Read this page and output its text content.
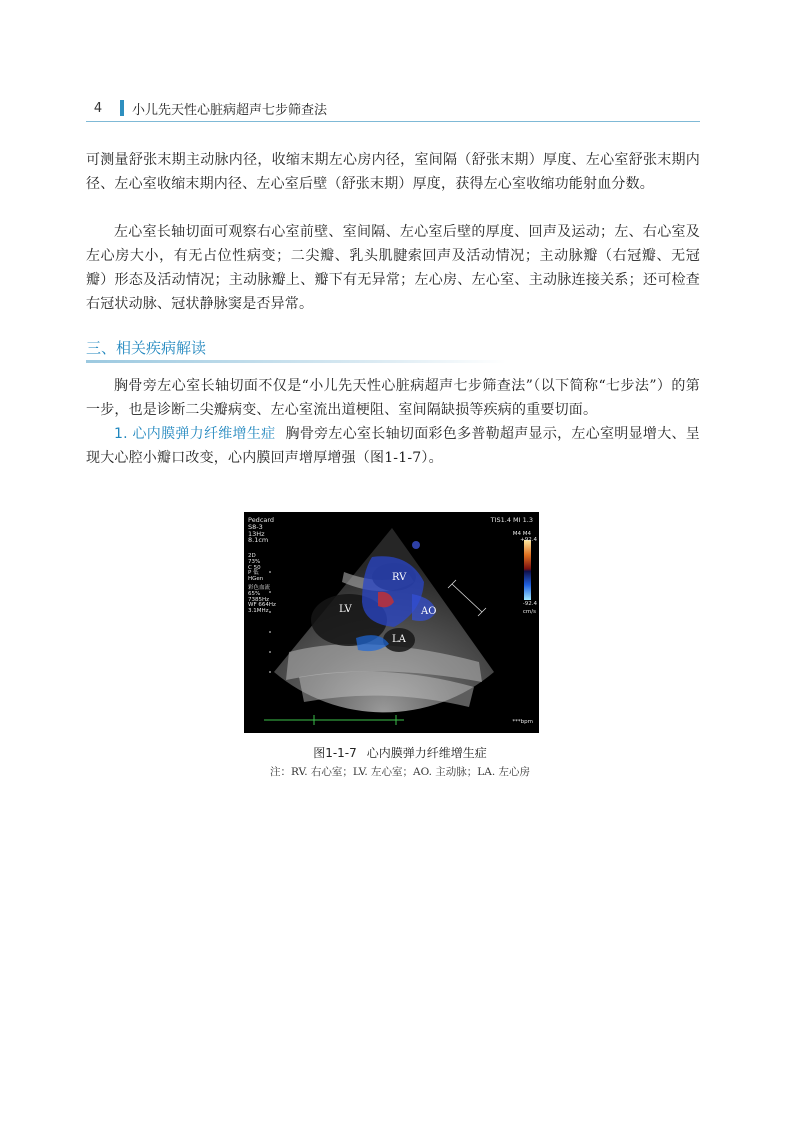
4	小儿先天性心脏病超声七步筛查法

可测量舒张末期主动脉内径，收缩末期左心房内径，室间隔（舒张末期）厚度、左心室舒张末期内径、左心室收缩末期内径、左心室后壁（舒张末期）厚度，获得左心室收缩功能射血分数。

左心室长轴切面可观察右心室前壁、室间隔、左心室后壁的厚度、回声及运动；左、右心室及左心房大小，有无占位性病变；二尖瓣、乳头肌腱索回声及活动情况；主动脉瓣（右冠瓣、无冠瓣）形态及活动情况；主动脉瓣上、瓣下有无异常；左心房、左心室、主动脉连接关系；还可检查右冠状动脉、冠状静脉窦是否异常。

三、相关疾病解读

胸骨旁左心室长轴切面不仅是“小儿先天性心脏病超声七步筛查法”（以下简称“七步法”）的第一步，也是诊断二尖瓣病变、左心室流出道梗阻、室间隔缺损等疾病的重要切面。

1. 心内膜弹力纤维增生症 胸骨旁左心室长轴切面彩色多普勒超声显示，左心室明显增大、呈现大心腔小瓣口改变，心内膜回声增厚增强（图1-1-7）。

Pedcard
S8-3
13Hz
8.1cm
2D
73%
C 50
P 低
HGen
彩色血流
65%
7385Hz
WF 664Hz
3.1MHz
TIS1.4 MI 1.3
M4 M4
+92.4
-92.4
cm/s
***bpm
RV
LV	AO
LA
图1-1-7 心内膜弹力纤维增生症
注：RV. 右心室；LV. 左心室；AO. 主动脉；LA. 左心房
